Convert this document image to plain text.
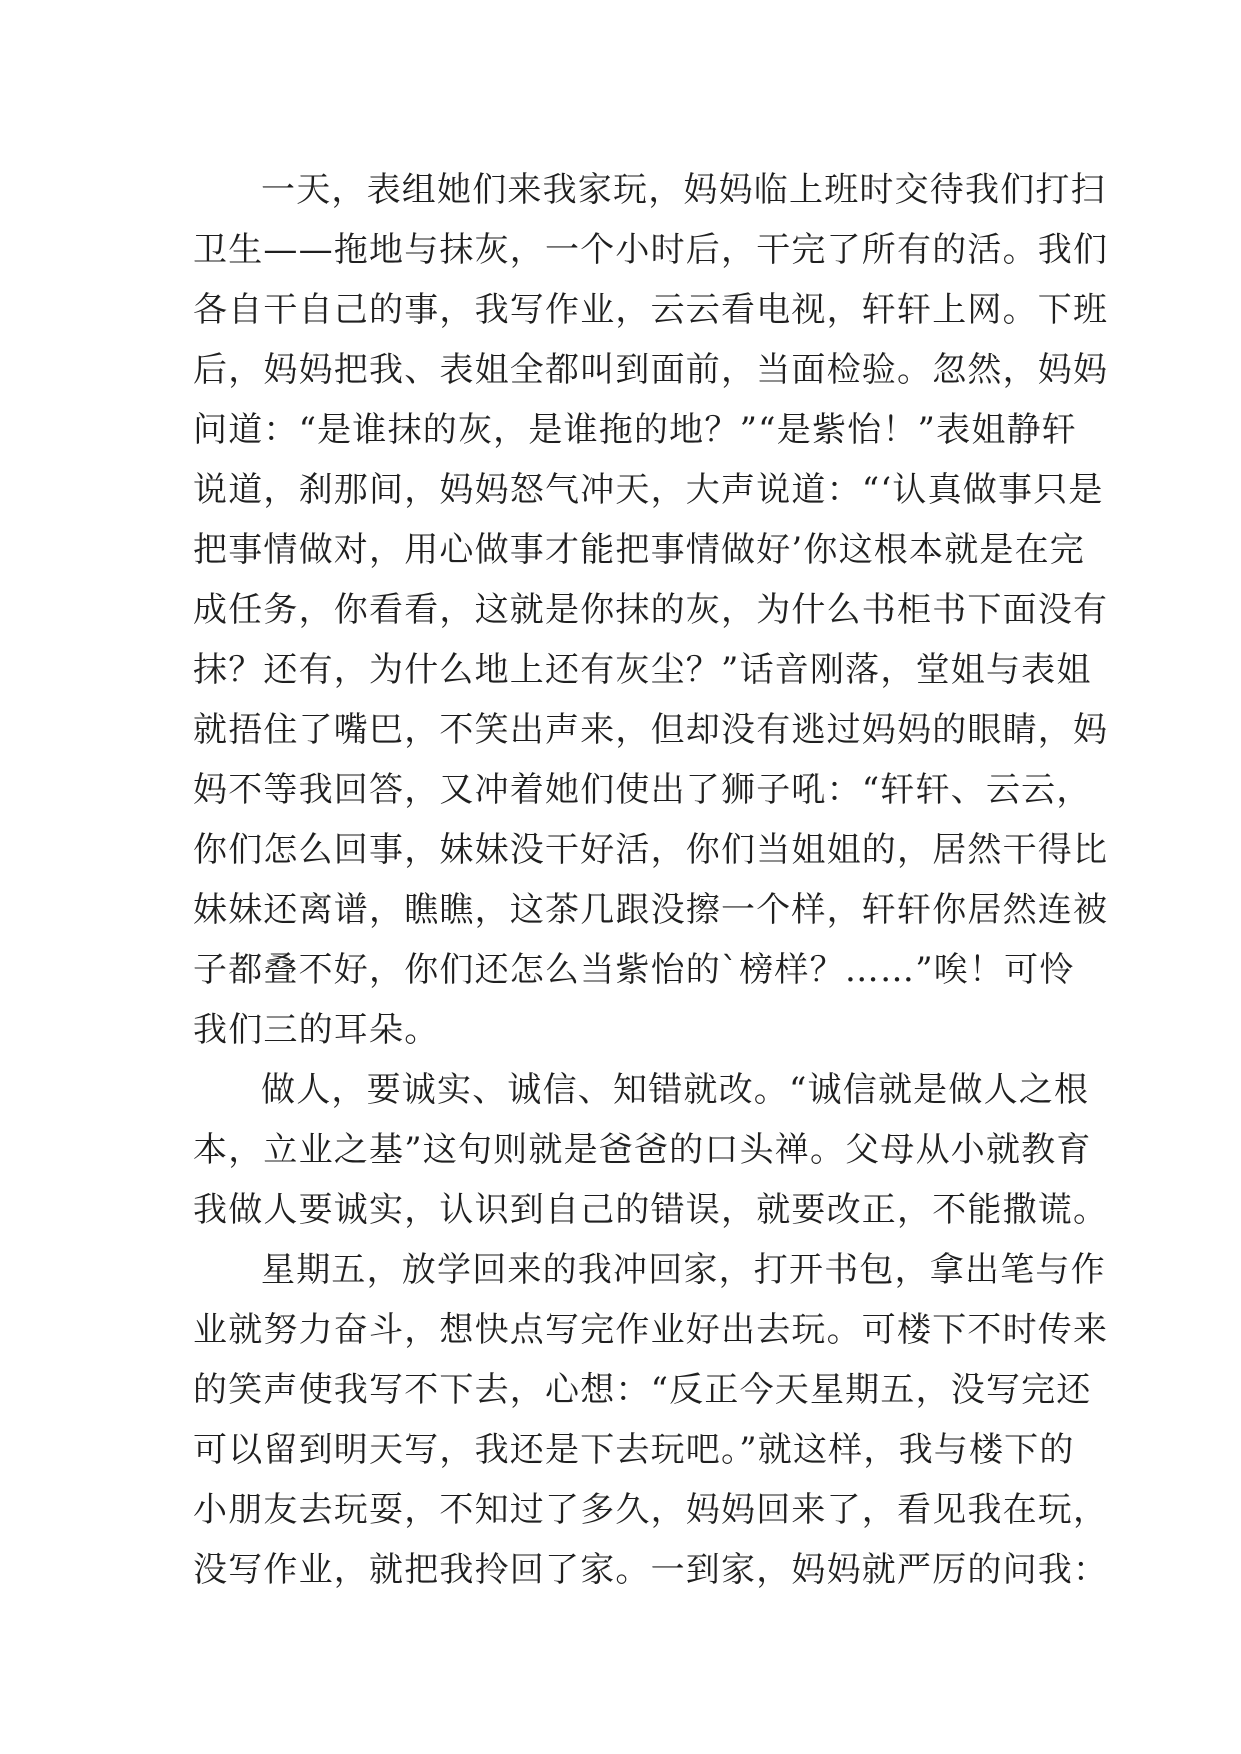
一天，表组她们来我家玩，妈妈临上班时交待我们打扫
卫生——拖地与抹灰，一个小时后，干完了所有的活。我们
各自干自己的事，我写作业，云云看电视，轩轩上网。下班
后，妈妈把我、表姐全都叫到面前，当面检验。忽然，妈妈
问道：“是谁抹的灰，是谁拖的地？”“是紫怡！”表姐静轩
说道，刹那间，妈妈怒气冲天，大声说道：“‘认真做事只是
把事情做对，用心做事才能把事情做好’你这根本就是在完
成任务，你看看，这就是你抹的灰，为什么书柜书下面没有
抹？还有，为什么地上还有灰尘？”话音刚落，堂姐与表姐
就捂住了嘴巴，不笑出声来，但却没有逃过妈妈的眼睛，妈
妈不等我回答，又冲着她们使出了狮子吼：“轩轩、云云，
你们怎么回事，妹妹没干好活，你们当姐姐的，居然干得比
妹妹还离谱，瞧瞧，这茶几跟没擦一个样，轩轩你居然连被
子都叠不好，你们还怎么当紫怡的`榜样？……”唉！可怜
我们三的耳朵。
做人，要诚实、诚信、知错就改。“诚信就是做人之根
本，立业之基”这句则就是爸爸的口头禅。父母从小就教育
我做人要诚实，认识到自己的错误，就要改正，不能撒谎。
星期五，放学回来的我冲回家，打开书包，拿出笔与作
业就努力奋斗，想快点写完作业好出去玩。可楼下不时传来
的笑声使我写不下去，心想：“反正今天星期五，没写完还
可以留到明天写，我还是下去玩吧。”就这样，我与楼下的
小朋友去玩耍，不知过了多久，妈妈回来了，看见我在玩，
没写作业，就把我拎回了家。一到家，妈妈就严厉的问我：
